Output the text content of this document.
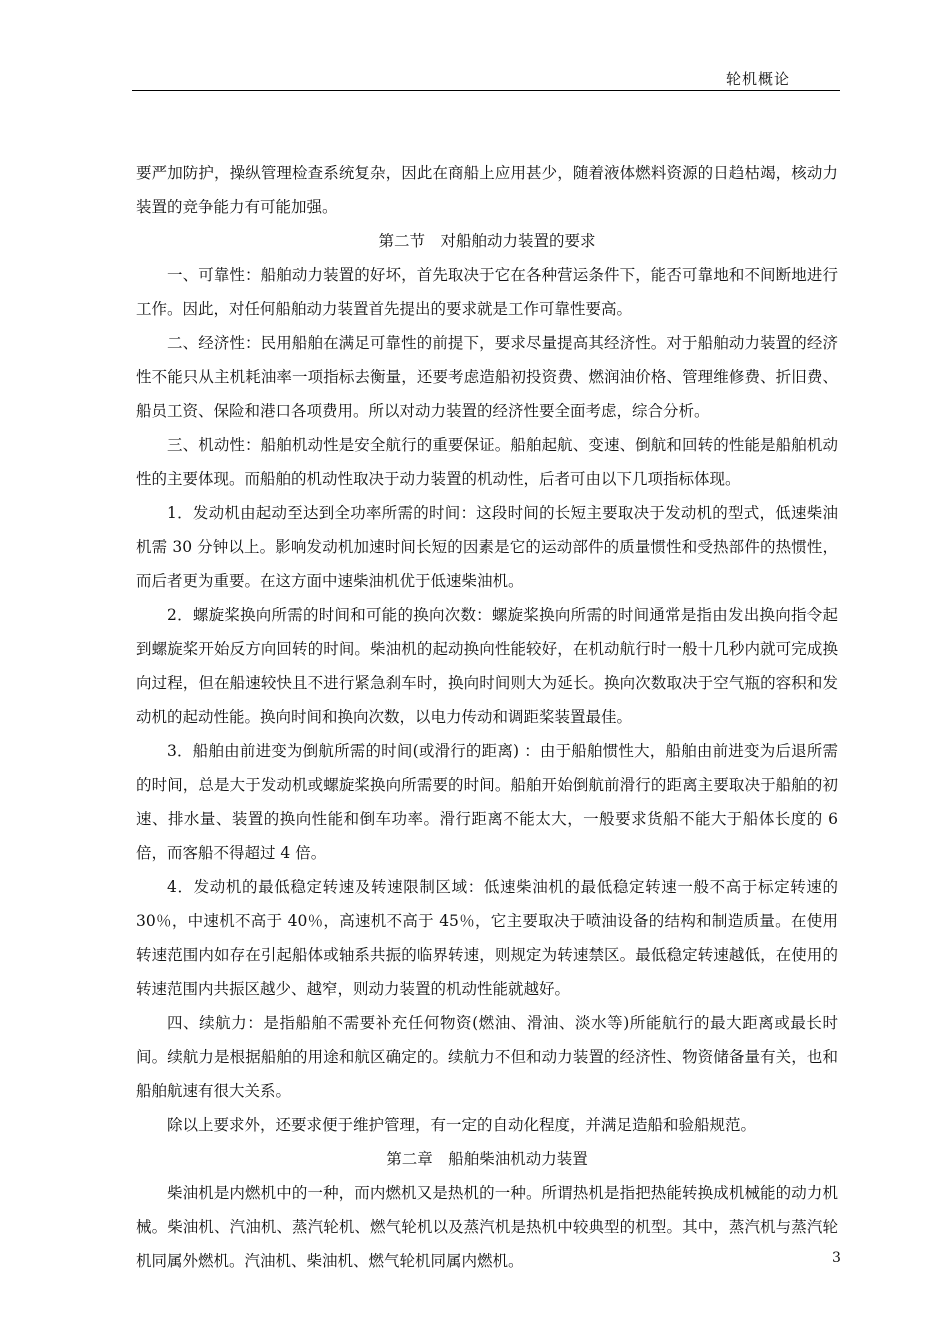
轮机概论

要严加防护，操纵管理检查系统复杂，因此在商船上应用甚少，随着液体燃料资源的日趋枯竭，核动力装置的竞争能力有可能加强。

第二节　对船舶动力装置的要求

一、可靠性：船舶动力装置的好坏，首先取决于它在各种营运条件下，能否可靠地和不间断地进行工作。因此，对任何船舶动力装置首先提出的要求就是工作可靠性要高。

二、经济性：民用船舶在满足可靠性的前提下，要求尽量提高其经济性。对于船舶动力装置的经济性不能只从主机耗油率一项指标去衡量，还要考虑造船初投资费、燃润油价格、管理维修费、折旧费、船员工资、保险和港口各项费用。所以对动力装置的经济性要全面考虑，综合分析。

三、机动性：船舶机动性是安全航行的重要保证。船舶起航、变速、倒航和回转的性能是船舶机动性的主要体现。而船舶的机动性取决于动力装置的机动性，后者可由以下几项指标体现。

1．发动机由起动至达到全功率所需的时间：这段时间的长短主要取决于发动机的型式，低速柴油机需 30 分钟以上。影响发动机加速时间长短的因素是它的运动部件的质量惯性和受热部件的热惯性，而后者更为重要。在这方面中速柴油机优于低速柴油机。

2．螺旋桨换向所需的时间和可能的换向次数：螺旋桨换向所需的时间通常是指由发出换向指令起到螺旋桨开始反方向回转的时间。柴油机的起动换向性能较好，在机动航行时一般十几秒内就可完成换向过程，但在船速较快且不进行紧急刹车时，换向时间则大为延长。换向次数取决于空气瓶的容积和发动机的起动性能。换向时间和换向次数，以电力传动和调距桨装置最佳。

3．船舶由前进变为倒航所需的时间(或滑行的距离) ：由于船舶惯性大，船舶由前进变为后退所需的时间，总是大于发动机或螺旋桨换向所需要的时间。船舶开始倒航前滑行的距离主要取决于船舶的初速、排水量、装置的换向性能和倒车功率。滑行距离不能太大，一般要求货船不能大于船体长度的 6 倍，而客船不得超过 4 倍。

4．发动机的最低稳定转速及转速限制区域：低速柴油机的最低稳定转速一般不高于标定转速的 30％，中速机不高于 40％，高速机不高于 45％，它主要取决于喷油设备的结构和制造质量。在使用转速范围内如存在引起船体或轴系共振的临界转速，则规定为转速禁区。最低稳定转速越低，在使用的转速范围内共振区越少、越窄，则动力装置的机动性能就越好。

四、续航力：是指船舶不需要补充任何物资(燃油、滑油、淡水等)所能航行的最大距离或最长时间。续航力是根据船舶的用途和航区确定的。续航力不但和动力装置的经济性、物资储备量有关，也和船舶航速有很大关系。

除以上要求外，还要求便于维护管理，有一定的自动化程度，并满足造船和验船规范。

第二章　船舶柴油机动力装置

柴油机是内燃机中的一种，而内燃机又是热机的一种。所谓热机是指把热能转换成机械能的动力机械。柴油机、汽油机、蒸汽轮机、燃气轮机以及蒸汽机是热机中较典型的机型。其中，蒸汽机与蒸汽轮机同属外燃机。汽油机、柴油机、燃气轮机同属内燃机。	3
